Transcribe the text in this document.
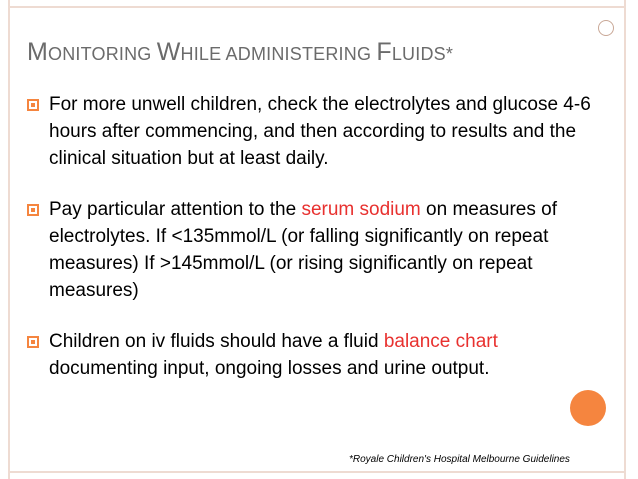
MONITORING WHILE ADMINISTERING FLUIDS*
For more unwell children, check the electrolytes and glucose 4-6 hours after commencing, and then according to results and the clinical situation but at least daily.
Pay particular attention to the serum sodium on measures of electrolytes. If <135mmol/L (or falling significantly on repeat measures) If >145mmol/L (or rising significantly on repeat measures)
Children on iv fluids should have a fluid balance chart documenting input, ongoing losses and urine output.
*Royale Children's Hospital Melbourne Guidelines
